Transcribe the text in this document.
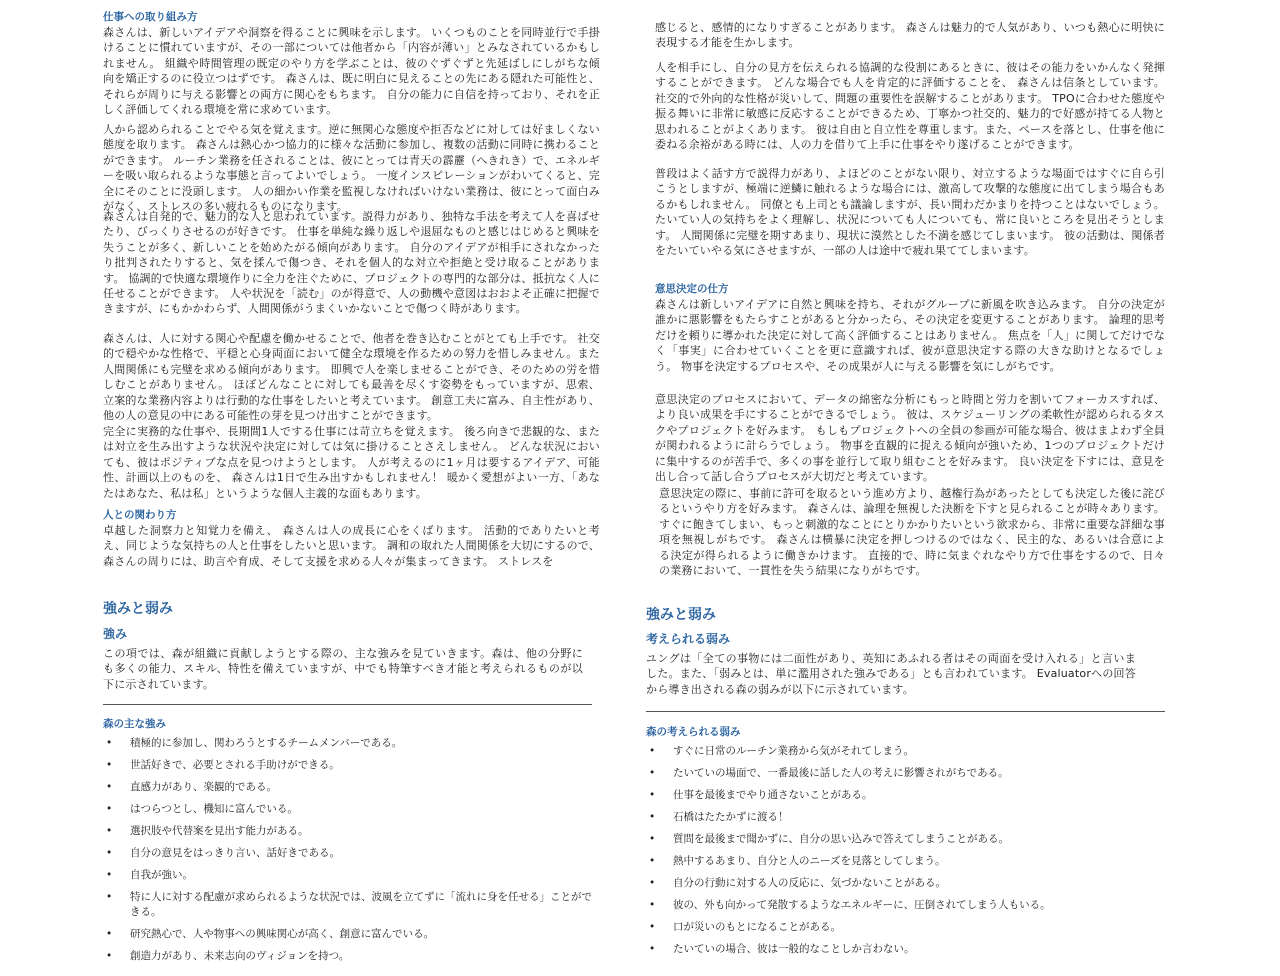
仕事への取り組み方

森さんは、新しいアイデアや洞察を得ることに興味を示します。 いくつものことを同時並行で手掛けることに慣れていますが、その一部については他者から「内容が薄い」とみなされているかもしれません。 組織や時間管理の既定のやり方を学ぶことは、彼のぐずぐずと先延ばしにしがちな傾向を矯正するのに役立つはずです。 森さんは、既に明白に見えることの先にある隠れた可能性と、それらが周りに与える影響との両方に関心をもちます。 自分の能力に自信を持っており、それを正しく評価してくれる環境を常に求めています。

人から認められることでやる気を覚えます。逆に無関心な態度や拒否などに対しては好ましくない態度を取ります。 森さんは熱心かつ協力的に様々な活動に参加し、複数の活動に同時に携わることができます。 ルーチン業務を任されることは、彼にとっては青天の霹靂（へきれき）で、エネルギーを吸い取られるような事態と言ってよいでしょう。 一度インスピレーションがわいてくると、完全にそのことに没頭します。 人の細かい作業を監視しなければいけない業務は、彼にとって面白みがなく、ストレスの多い疲れるものになります。

森さんは自発的で、魅力的な人と思われています。説得力があり、独特な手法を考えて人を喜ばせたり、びっくりさせるのが好きです。 仕事を単純な繰り返しや退屈なものと感じはじめると興味を失うことが多く、新しいことを始めたがる傾向があります。 自分のアイデアが相手にされなかったり批判されたりすると、気を揉んで傷つき、それを個人的な対立や拒絶と受け取ることがあります。 協調的で快適な環境作りに全力を注ぐために、プロジェクトの専門的な部分は、抵抗なく人に任せることができます。 人や状況を「読む」のが得意で、人の動機や意図はおおよそ正確に把握できますが、にもかかわらず、人間関係がうまくいかないことで傷つく時があります。

森さんは、人に対する関心や配慮を働かせることで、他者を巻き込むことがとても上手です。 社交的で穏やかな性格で、平穏と心身両面において健全な環境を作るための努力を惜しみません。また人間関係にも完璧を求める傾向があります。 即興で人を楽しませることができ、そのための労を惜しむことがありません。 ほぼどんなことに対しても最善を尽くす姿勢をもっていますが、思索、立案的な業務内容よりは行動的な仕事をしたいと考えています。 創意工夫に富み、自主性があり、他の人の意見の中にある可能性の芽を見つけ出すことができます。

完全に実務的な仕事や、長期間1人でする仕事には苛立ちを覚えます。 後ろ向きで悲観的な、または対立を生み出すような状況や決定に対しては気に掛けることさえしません。 どんな状況においても、彼はポジティブな点を見つけようとします。 人が考えるのに1ヶ月は要するアイデア、可能性、計画以上のものを、 森さんは1日で生み出すかもしれません！ 暖かく愛想がよい一方、「あなたはあなた、私は私」というような個人主義的な面もあります。

人との関わり方

卓越した洞察力と知覚力を備え、 森さんは人の成長に心をくばります。 活動的でありたいと考え、同じような気持ちの人と仕事をしたいと思います。 調和の取れた人間関係を大切にするので、 森さんの周りには、助言や育成、そして支援を求める人々が集まってきます。 ストレスを

強みと弱み
強み

この項では、森が組織に貢献しようとする際の、主な強みを見ていきます。森は、他の分野にも多くの能力、スキル、特性を備えていますが、中でも特筆すべき才能と考えられるものが以下に示されています。

森の主な強み
• 積極的に参加し、関わろうとするチームメンバーである。
• 世話好きで、必要とされる手助けができる。
• 直感力があり、楽観的である。
• はつらつとし、機知に富んでいる。
• 選択肢や代替案を見出す能力がある。
• 自分の意見をはっきり言い、話好きである。
• 自我が強い。
• 特に人に対する配慮が求められるような状況では、波風を立てずに「流れに身を任せる」ことができる。
• 研究熱心で、人や物事への興味関心が高く、創意に富んでいる。
• 創造力があり、未来志向のヴィジョンを持つ。

感じると、感情的になりすぎることがあります。 森さんは魅力的で人気があり、いつも熱心に明快に表現する才能を生かします。

人を相手にし、自分の見方を伝えられる協調的な役割にあるときに、彼はその能力をいかんなく発揮することができます。 どんな場合でも人を肯定的に評価することを、 森さんは信条としています。 社交的で外向的な性格が災いして、問題の重要性を誤解することがあります。 TPOに合わせた態度や振る舞いに非常に敏感に反応することができるため、丁寧かつ社交的、魅力的で好感が持てる人物と思われることがよくあります。 彼は自由と自立性を尊重します。また、ペースを落とし、仕事を他に委ねる余裕がある時には、人の力を借りて上手に仕事をやり遂げることができます。

普段はよく話す方で説得力があり、よほどのことがない限り、対立するような場面ではすぐに自ら引こうとしますが、極端に逆鱗に触れるような場合には、激高して攻撃的な態度に出てしまう場合もあるかもしれません。 同僚とも上司とも議論しますが、長い間わだかまりを持つことはないでしょう。 たいてい人の気持ちをよく理解し、状況についても人についても、常に良いところを見出そうとします。 人間関係に完璧を期すあまり、現状に漠然とした不満を感じてしまいます。 彼の活動は、関係者をたいていやる気にさせますが、一部の人は途中で疲れ果ててしまいます。

意思決定の仕方

森さんは新しいアイデアに自然と興味を持ち、それがグループに新風を吹き込みます。 自分の決定が誰かに悪影響をもたらすことがあると分かったら、その決定を変更することがあります。 論理的思考だけを頼りに導かれた決定に対して高く評価することはありません。 焦点を「人」に関してだけでなく「事実」に合わせていくことを更に意識すれば、彼が意思決定する際の大きな助けとなるでしょう。 物事を決定するプロセスや、その成果が人に与える影響を気にしがちです。

意思決定のプロセスにおいて、データの綿密な分析にもっと時間と労力を割いてフォーカスすれば、より良い成果を手にすることができるでしょう。 彼は、スケジューリングの柔軟性が認められるタスクやプロジェクトを好みます。 もしもプロジェクトへの全員の参画が可能な場合、彼はまよわず全員が関われるように計らうでしょう。 物事を直観的に捉える傾向が強いため、1つのプロジェクトだけに集中するのが苦手で、多くの事を並行して取り組むことを好みます。 良い決定を下すには、意見を出し合って話し合うプロセスが大切だと考えています。

意思決定の際に、事前に許可を取るという進め方より、越権行為があったとしても決定した後に詫びるというやり方を好みます。 森さんは、論理を無視した決断を下すと見られることが時々あります。 すぐに飽きてしまい、もっと刺激的なことにとりかかりたいという欲求から、非常に重要な詳細な事項を無視しがちです。 森さんは横暴に決定を押しつけるのではなく、民主的な、あるいは合意による決定が得られるように働きかけます。 直接的で、時に気まぐれなやり方で仕事をするので、日々の業務において、一貫性を失う結果になりがちです。

強みと弱み
考えられる弱み

ユングは「全ての事物には二面性があり、英知にあふれる者はその両面を受け入れる」と言いました。また、「弱みとは、単に濫用された強みである」とも言われています。 Evaluatorへの回答から導き出される森の弱みが以下に示されています。

森の考えられる弱み
• すぐに日常のルーチン業務から気がそれてしまう。
• たいていの場面で、一番最後に話した人の考えに影響されがちである。
• 仕事を最後までやり通さないことがある。
• 石橋はたたかずに渡る！
• 質問を最後まで聞かずに、自分の思い込みで答えてしまうことがある。
• 熱中するあまり、自分と人のニーズを見落としてしまう。
• 自分の行動に対する人の反応に、気づかないことがある。
• 彼の、外も向かって発散するようなエネルギーに、圧倒されてしまう人もいる。
• 口が災いのもとになることがある。
• たいていの場合、彼は一般的なことしか言わない。
